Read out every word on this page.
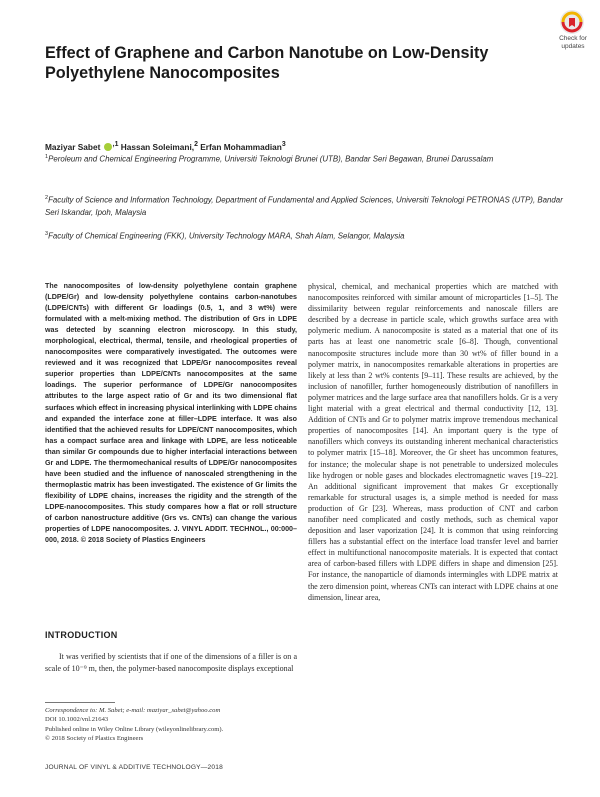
Check for updates
Effect of Graphene and Carbon Nanotube on Low-Density Polyethylene Nanocomposites
Maziyar Sabet $^{,1}$ Hassan Soleimani,$^2$ Erfan Mohammadian$^3$
$^1$Peroleum and Chemical Engineering Programme, Universiti Teknologi Brunei (UTB), Bandar Seri Begawan, Brunei Darussalam
$^2$Faculty of Science and Information Technology, Department of Fundamental and Applied Sciences, Universiti Teknologi PETRONAS (UTP), Bandar Seri Iskandar, Ipoh, Malaysia
$^3$Faculty of Chemical Engineering (FKK), University Technology MARA, Shah Alam, Selangor, Malaysia
The nanocomposites of low-density polyethylene contain graphene (LDPE/Gr) and low-density polyethylene contains carbon-nanotubes (LDPE/CNTs) with different Gr loadings (0.5, 1, and 3 wt%) were formulated with a melt-mixing method. The distribution of Grs in LDPE was detected by scanning electron microscopy. In this study, morphological, electrical, thermal, tensile, and rheological properties of nanocomposites were comparatively investigated. The outcomes were reviewed and it was recognized that LDPE/Gr nanocomposites reveal superior properties than LDPE/CNTs nanocomposites at the same loadings. The superior performance of LDPE/Gr nanocomposites attributes to the large aspect ratio of Gr and its two dimensional flat surfaces which effect in increasing physical interlinking with LDPE chains and expanded the interface zone at filler–LDPE interface. It was also identified that the achieved results for LDPE/CNT nanocomposites, which has a compact surface area and linkage with LDPE, are less noticeable than similar Gr compounds due to higher interfacial interactions between Gr and LDPE. The thermomechanical results of LDPE/Gr nanocomposites have been studied and the influence of nanoscaled strengthening in the thermoplastic matrix has been investigated. The existence of Gr limits the flexibility of LDPE chains, increases the rigidity and the strength of the LDPE-nanocomposites. This study compares how a flat or roll structure of carbon nanostructure additive (Grs vs. CNTs) can change the various properties of LDPE nanocomposites. J. VINYL ADDIT. TECHNOL., 00:000–000, 2018. © 2018 Society of Plastics Engineers
INTRODUCTION
It was verified by scientists that if one of the dimensions of a filler is on a scale of 10⁻⁹ m, then, the polymer-based nanocomposite displays exceptional
Correspondence to: M. Sabet; e-mail: maziyar_sabet@yahoo.com
DOI 10.1002/vnl.21643
Published online in Wiley Online Library (wileyonlinelibrary.com).
© 2018 Society of Plastics Engineers
physical, chemical, and mechanical properties which are matched with nanocomposites reinforced with similar amount of microparticles [1–5]. The dissimilarity between regular reinforcements and nanoscale fillers are described by a decrease in particle scale, which growths surface area with polymeric medium. A nanocomposite is stated as a material that one of its parts has at least one nanometric scale [6–8]. Though, conventional nanocomposite structures include more than 30 wt% of filler bound in a polymer matrix, in nanocomposites remarkable alterations in properties are likely at less than 2 wt% contents [9–11]. These results are achieved, by the inclusion of nanofiller, further homogeneously distribution of nanofillers in polymer matrices and the large surface area that nanofillers holds. Gr is a very light material with a great electrical and thermal conductivity [12, 13]. Addition of CNTs and Gr to polymer matrix improve tremendous mechanical properties of nanocomposites [14]. An important query is the type of nanofillers which conveys its outstanding inherent mechanical characteristics to polymer matrix [15–18]. Moreover, the Gr sheet has uncommon features, for instance; the molecular shape is not penetrable to undersized molecules like hydrogen or noble gases and blockades electromagnetic waves [19–22]. An additional significant improvement that makes Gr exceptionally remarkable for structural usages is, a simple method is needed for mass production of Gr [23]. Whereas, mass production of CNT and carbon nanofiber need complicated and costly methods, such as chemical vapor deposition and laser vaporization [24]. It is common that using reinforcing fillers has a substantial effect on the interface load transfer level and barrier effect in multifunctional nanocomposite materials. It is expected that contact area of carbon-based fillers with LDPE differs in shape and dimension [25]. For instance, the nanoparticle of diamonds intermingles with LDPE matrix at the zero dimension point, whereas CNTs can interact with LDPE chains at one dimension, linear area,
JOURNAL OF VINYL & ADDITIVE TECHNOLOGY—2018
